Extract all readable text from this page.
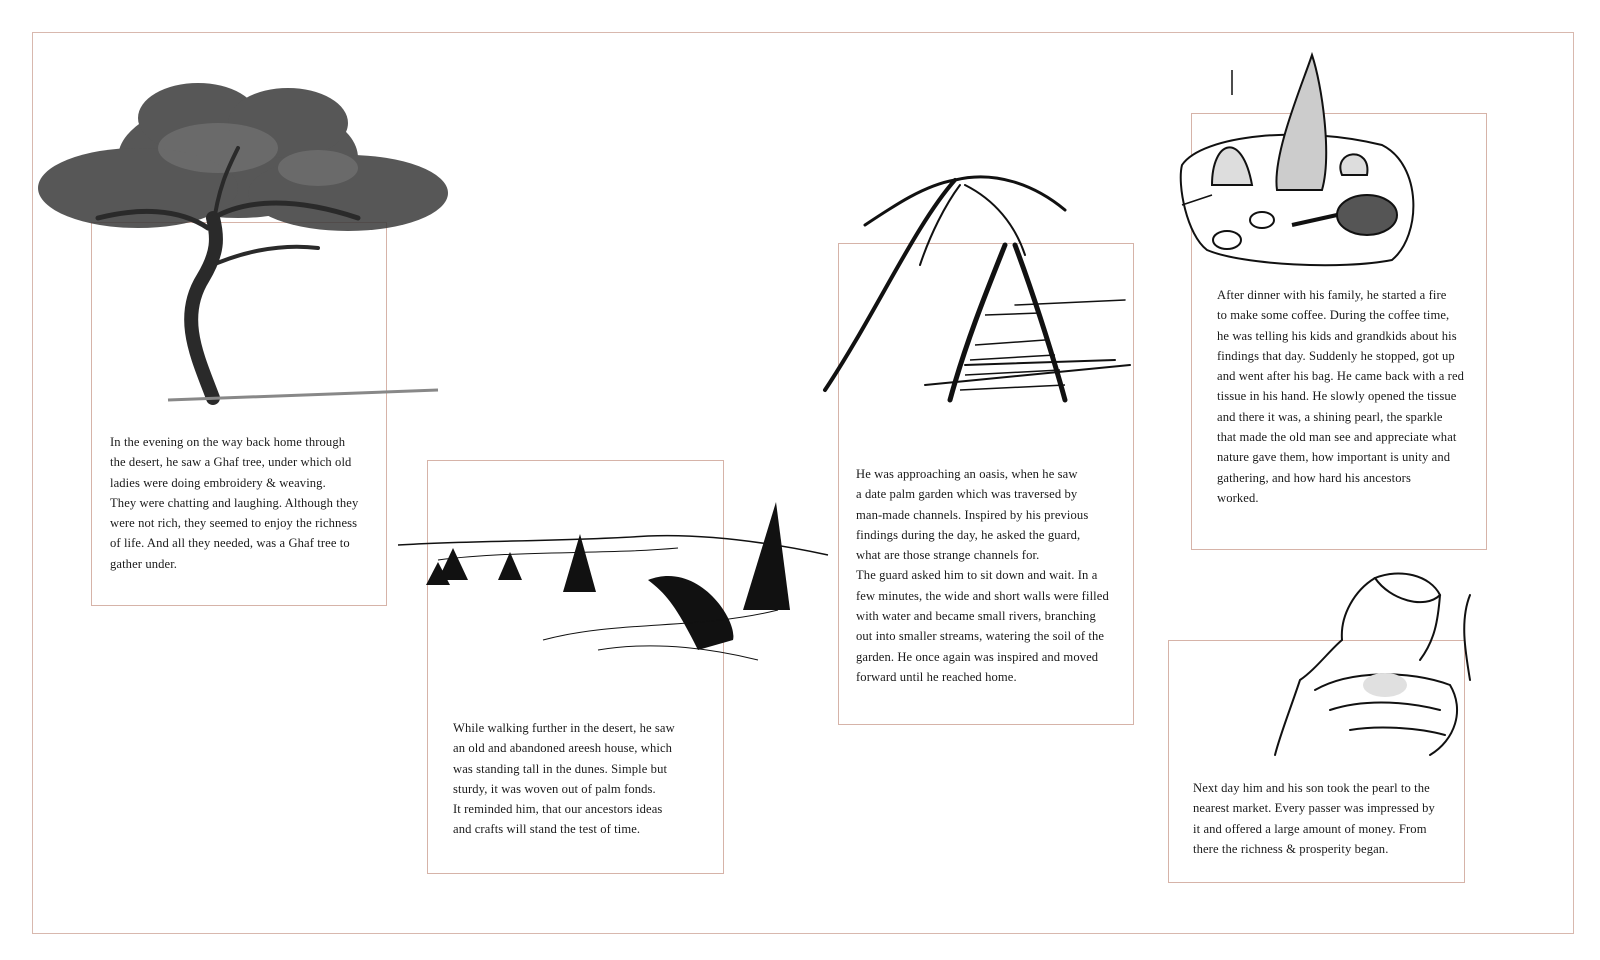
In the evening on the way back home through
the desert, he saw a Ghaf tree, under which old
ladies were doing embroidery & weaving.
They were chatting and laughing. Although they
were not rich, they seemed to enjoy the richness
of life. And all they needed, was a Ghaf tree to
gather under.
While walking further in the desert, he saw
an old and abandoned areesh house, which
was standing tall in the dunes. Simple but
sturdy, it was woven out of palm fonds.
It reminded him, that our ancestors ideas
and crafts will stand the test of time.
He was approaching an oasis, when he saw
a date palm garden which was traversed by
man-made channels. Inspired by his previous
findings during the day, he asked the guard,
what are those strange channels for.
The guard asked him to sit down and wait. In a
few minutes, the wide and short walls were filled
with water and became small rivers, branching
out into smaller streams, watering the soil of the
garden. He once again was inspired and moved
forward until he reached home.
After dinner with his family, he started a fire
to make some coffee. During the coffee time,
he was telling his kids and grandkids about his
findings that day. Suddenly he stopped, got up
and went after his bag. He came back with a red
tissue in his hand. He slowly opened the tissue
and there it was, a shining pearl, the sparkle
that made the old man see and appreciate what
nature gave them, how important is unity and
gathering, and how hard his ancestors
worked.
Next day him and his son took the pearl to the
nearest market. Every passer was impressed by
it and offered a large amount of money. From
there the richness & prosperity began.
